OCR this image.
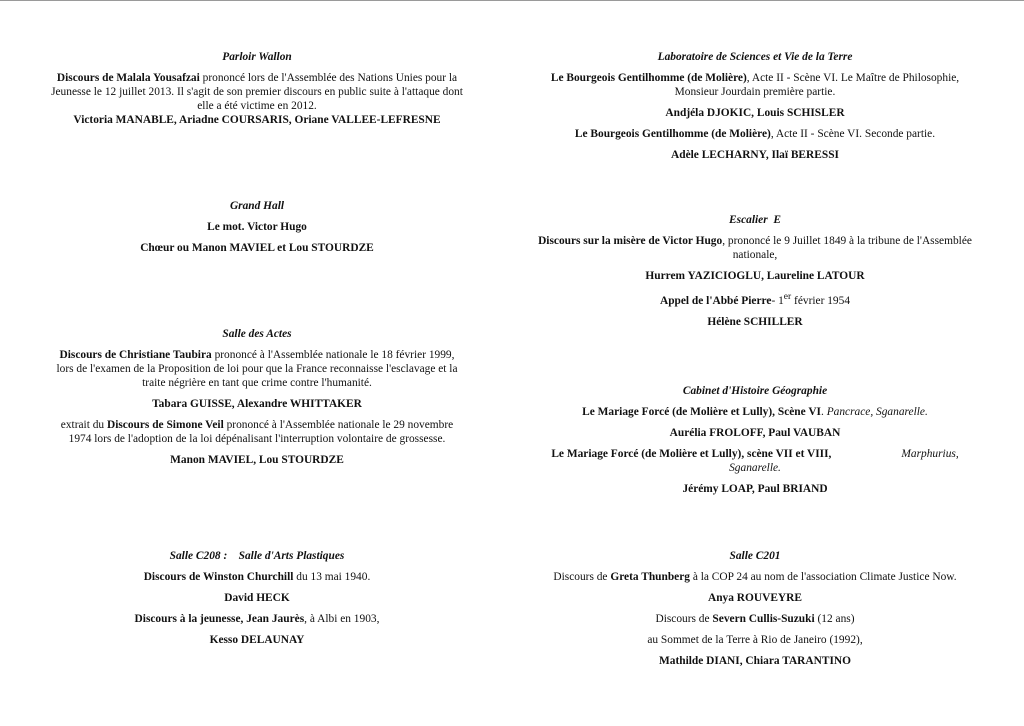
Parloir Wallon
Discours de Malala Yousafzai prononcé lors de l'Assemblée des Nations Unies pour la Jeunesse le 12 juillet 2013. Il s'agit de son premier discours en public suite à l'attaque dont elle a été victime en 2012.
Victoria MANABLE, Ariadne COURSARIS, Oriane VALLEE-LEFRESNE
Grand Hall
Le mot. Victor Hugo
Chœur ou Manon MAVIEL et Lou STOURDZE
Salle des Actes
Discours de Christiane Taubira prononcé à l'Assemblée nationale le 18 février 1999, lors de l'examen de la Proposition de loi pour que la France reconnaisse l'esclavage et la traite négrière en tant que crime contre l'humanité.
Tabara GUISSE, Alexandre WHITTAKER
extrait du Discours de Simone Veil prononcé à l'Assemblée nationale le 29 novembre 1974 lors de l'adoption de la loi dépénalisant l'interruption volontaire de grossesse.
Manon MAVIEL, Lou STOURDZE
Salle C208 :    Salle d'Arts Plastiques
Discours de Winston Churchill du 13 mai 1940.
David HECK
Discours à la jeunesse, Jean Jaurès, à Albi en 1903,
Kesso DELAUNAY
Laboratoire de Sciences et Vie de la Terre
Le Bourgeois Gentilhomme (de Molière), Acte II - Scène VI. Le Maître de Philosophie, Monsieur Jourdain première partie.
Andjéla DJOKIC, Louis SCHISLER
Le Bourgeois Gentilhomme (de Molière), Acte II - Scène VI. Seconde partie.
Adèle LECHARNY, Ilaï BERESSI
Escalier  E
Discours sur la misère de Victor Hugo, prononcé le 9 Juillet 1849 à la tribune de l'Assemblée nationale,
Hurrem YAZICIOGLU, Laureline LATOUR
Appel de l'Abbé Pierre- 1er février 1954
Hélène SCHILLER
Cabinet d'Histoire Géographie
Le Mariage Forcé (de Molière et Lully), Scène VI. Pancrace, Sganarelle.
Aurélia FROLOFF, Paul VAUBAN
Le Mariage Forcé (de Molière et Lully), scène VII et VIII,	Marphurius, Sganarelle.
Jérémy LOAP, Paul BRIAND
Salle C201
Discours de Greta Thunberg à la COP 24 au nom de l'association Climate Justice Now.
Anya ROUVEYRE
Discours de Severn Cullis-Suzuki (12 ans)
au Sommet de la Terre à Rio de Janeiro (1992),
Mathilde DIANI, Chiara TARANTINO
